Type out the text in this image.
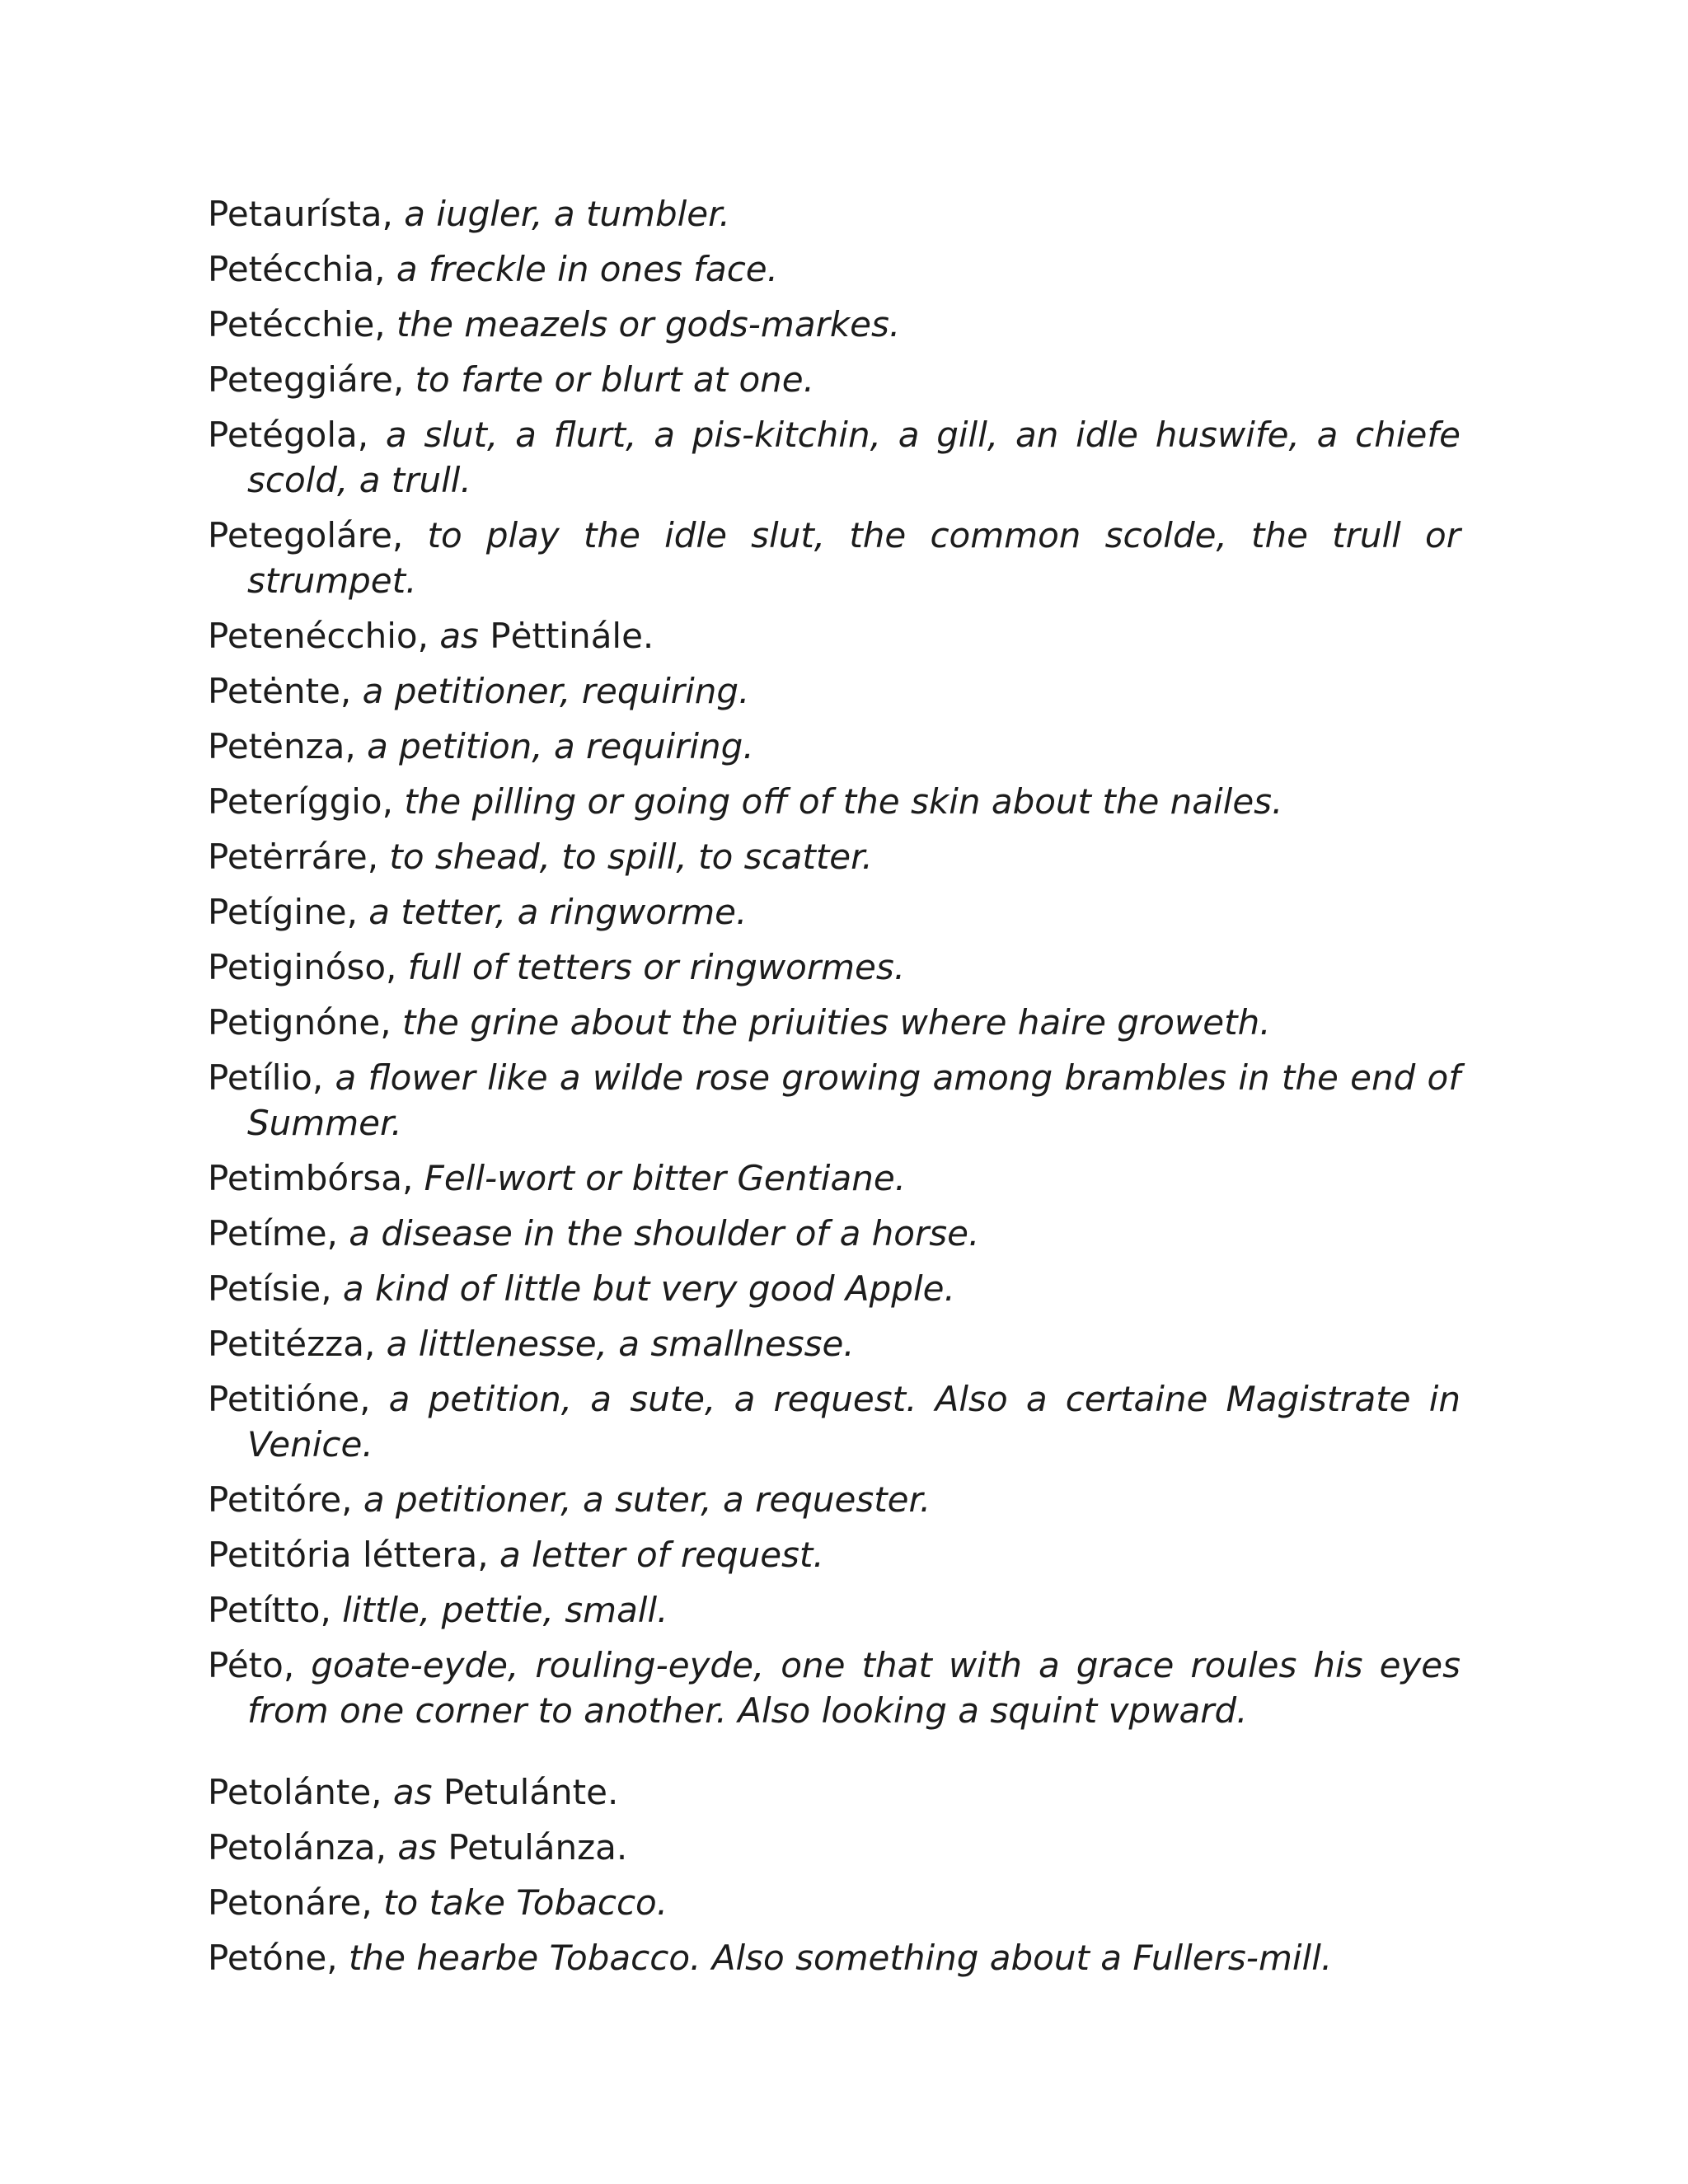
Petaurísta, a iugler, a tumbler.

Petécchia, a freckle in ones face.

Petécchie, the meazels or gods-markes.

Peteggiáre, to farte or blurt at one.

Petégola, a slut, a flurt, a pis-kitchin, a gill, an idle huswife, a chiefe scold, a trull.

Petegoláre, to play the idle slut, the common scolde, the trull or strumpet.

Petenécchio, as Pėttinále.

Petėnte, a petitioner, requiring.

Petėnza, a petition, a requiring.

Peteríggio, the pilling or going off of the skin about the nailes.

Petėrráre, to shead, to spill, to scatter.

Petígine, a tetter, a ringworme.

Petiginóso, full of tetters or ringwormes.

Petignóne, the grine about the priuities where haire groweth.

Petílio, a flower like a wilde rose growing among brambles in the end of Summer.

Petimbórsa, Fell-wort or bitter Gentiane.

Petíme, a disease in the shoulder of a horse.

Petísie, a kind of little but very good Apple.

Petitézza, a littlenesse, a smallnesse.

Petitióne, a petition, a sute, a request. Also a certaine Magistrate in Venice.

Petitóre, a petitioner, a suter, a requester.

Petitória léttera, a letter of request.

Petítto, little, pettie, small.

Péto, goate-eyde, rouling-eyde, one that with a grace roules his eyes from one corner to another. Also looking a squint vpward.

Petolánte, as Petulánte.

Petolánza, as Petulánza.

Petonáre, to take Tobacco.

Petóne, the hearbe Tobacco. Also something about a Fullers-mill.
